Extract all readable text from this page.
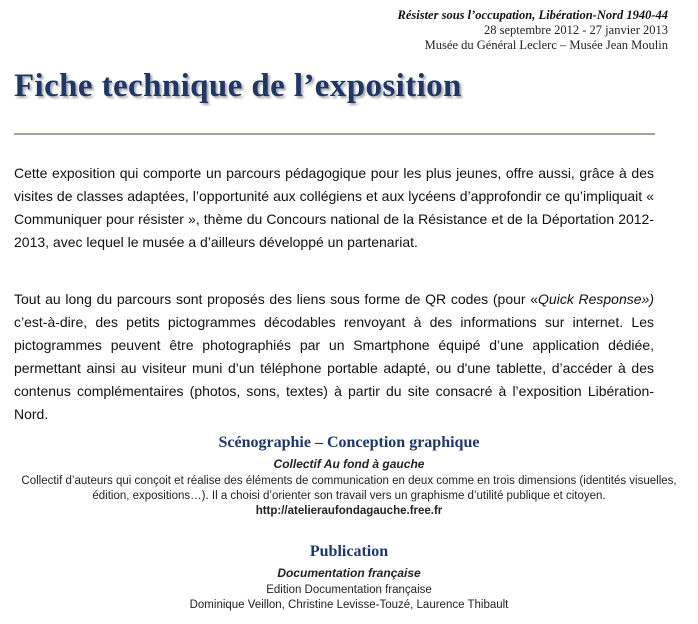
Résister sous l’occupation, Libération-Nord 1940-44
28 septembre 2012 - 27 janvier 2013
Musée du Général Leclerc – Musée Jean Moulin
Fiche technique de l’exposition

Cette exposition qui comporte un parcours pédagogique pour les plus jeunes, offre aussi, grâce à des visites de classes adaptées, l’opportunité aux collégiens et aux lycéens d’approfondir ce qu’impliquait « Communiquer pour résister », thème du Concours national de la Résistance et de la Déportation 2012-2013, avec lequel le musée a d’ailleurs développé un partenariat.

Tout au long du parcours sont proposés des liens sous forme de QR codes (pour «Quick Response») c’est-à-dire, des petits pictogrammes décodables renvoyant à des informations sur internet. Les pictogrammes peuvent être photographiés par un Smartphone équipé d’une application dédiée, permettant ainsi au visiteur muni d’un téléphone portable adapté, ou d'une tablette, d’accéder à des contenus complémentaires (photos, sons, textes) à partir du site consacré à l’exposition Libération-Nord.

Scénographie – Conception graphique
Collectif Au fond à gauche
Collectif d’auteurs qui conçoit et réalise des éléments de communication en deux comme en trois dimensions (identités visuelles, édition, expositions…). Il a choisi d’orienter son travail vers un graphisme d’utilité publique et citoyen.
http://atelieraufondagauche.free.fr
Publication
Documentation française
Edition Documentation française
Dominique Veillon, Christine Levisse-Touzé, Laurence Thibault
